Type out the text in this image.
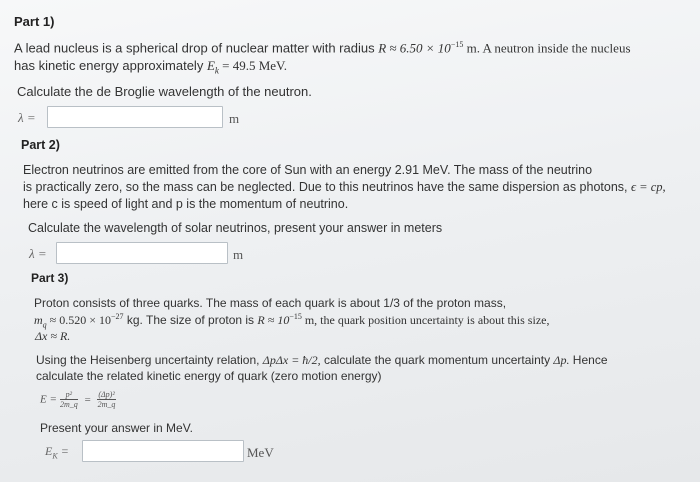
Part 1)
A lead nucleus is a spherical drop of nuclear matter with radius $R \approx 6.50 \times 10^{-15}$ m. A neutron inside the nucleus
has kinetic energy approximately $E_k = 49.5$ MeV.
Calculate the de Broglie wavelength of the neutron.
λ =	m
Part 2)
Electron neutrinos are emitted from the core of Sun with an energy 2.91 MeV. The mass of the neutrino
is practically zero, so the mass can be neglected. Due to this neutrinos have the same dispersion as photons, ϵ = cp,
here c is speed of light and p is the momentum of neutrino.
Calculate the wavelength of solar neutrinos, present your answer in meters
λ =	m
Part 3)
Proton consists of three quarks. The mass of each quark is about 1/3 of the proton mass,
$m_q \approx 0.520 \times 10^{-27}$ kg. The size of proton is $R \approx 10^{-15}$ m, the quark position uncertainty is about this size,
Δx ≈ R.
Using the Heisenberg uncertainty relation, ΔpΔx = ħ/2, calculate the quark momentum uncertainty Δp. Hence
calculate the related kinetic energy of quark (zero motion energy)
$E = \frac{\text{p²}}{2m\_q} = \frac{\text{(Δp)²}}{2m\_q}$
Present your answer in MeV.
$E_K$ =	MeV
